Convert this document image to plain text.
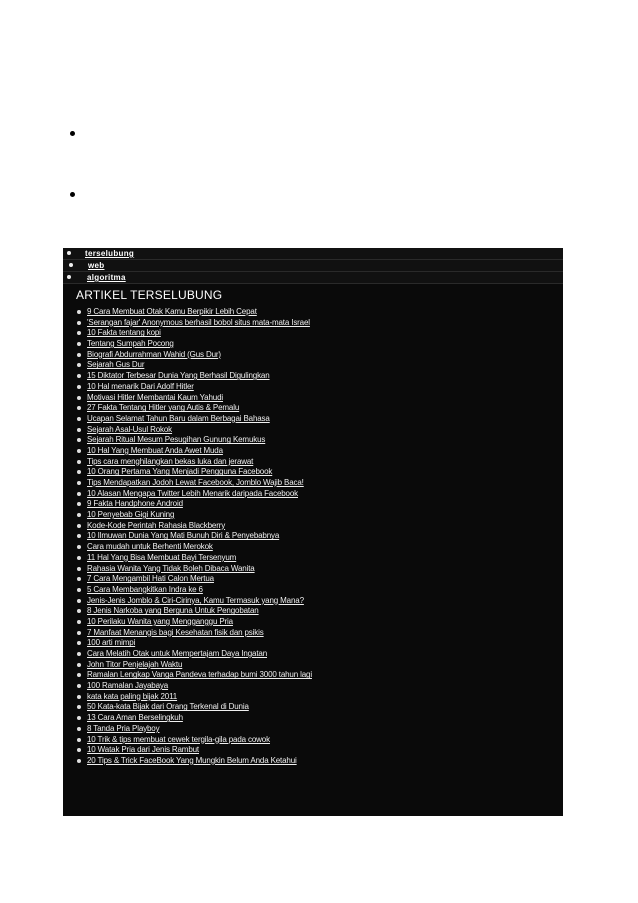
terselubung
web
algoritma
ARTIKEL TERSELUBUNG
9 Cara Membuat Otak Kamu Berpikir Lebih Cepat
'Serangan fajar' Anonymous berhasil bobol situs mata-mata Israel
10 Fakta tentang kopi
Tentang Sumpah Pocong
Biografi Abdurrahman Wahid (Gus Dur)
Sejarah Gus Dur
15 Diktator Terbesar Dunia Yang Berhasil Digulingkan
10 Hal menarik Dari Adolf Hitler
Motivasi Hitler Membantai Kaum Yahudi
27 Fakta Tentang Hitler yang Autis & Pemalu
Ucapan Selamat Tahun Baru dalam Berbagai Bahasa
Sejarah Asal-Usul Rokok
Sejarah Ritual Mesum Pesugihan Gunung Kemukus
10 Hal Yang Membuat Anda Awet Muda
Tips cara menghilangkan bekas luka dan jerawat
10 Orang Pertama Yang Menjadi Pengguna Facebook
Tips Mendapatkan Jodoh Lewat Facebook, Jomblo Wajib Baca!
10 Alasan Mengapa Twitter Lebih Menarik daripada Facebook
9 Fakta Handphone Android
10 Penyebab Gigi Kuning
Kode-Kode Perintah Rahasia Blackberry
10 Ilmuwan Dunia Yang Mati Bunuh Diri & Penyebabnya
Cara mudah untuk Berhenti Merokok
11 Hal Yang Bisa Membuat Bayi Tersenyum
Rahasia Wanita Yang Tidak Boleh Dibaca Wanita
7 Cara Mengambil Hati Calon Mertua
5 Cara Membangkitkan Indra ke 6
Jenis-Jenis Jomblo & Ciri-Cirinya, Kamu Termasuk yang Mana?
8 Jenis Narkoba yang Berguna Untuk Pengobatan
10 Perilaku Wanita yang Mengganggu Pria
7 Manfaat Menangis bagi Kesehatan fisik dan psikis
100 arti mimpi
Cara Melatih Otak untuk Mempertajam Daya Ingatan
John Titor Penjelajah Waktu
Ramalan Lengkap Vanga Pandeva terhadap bumi 3000 tahun lagi
100 Ramalan Jayabaya
kata kata paling bijak 2011
50 Kata-kata Bijak dari Orang Terkenal di Dunia
13 Cara Aman Berselingkuh
8 Tanda Pria Playboy
10 Trik & tips membuat cewek tergila-gila pada cowok
10 Watak Pria dari Jenis Rambut
20 Tips & Trick FaceBook Yang Mungkin Belum Anda Ketahui
